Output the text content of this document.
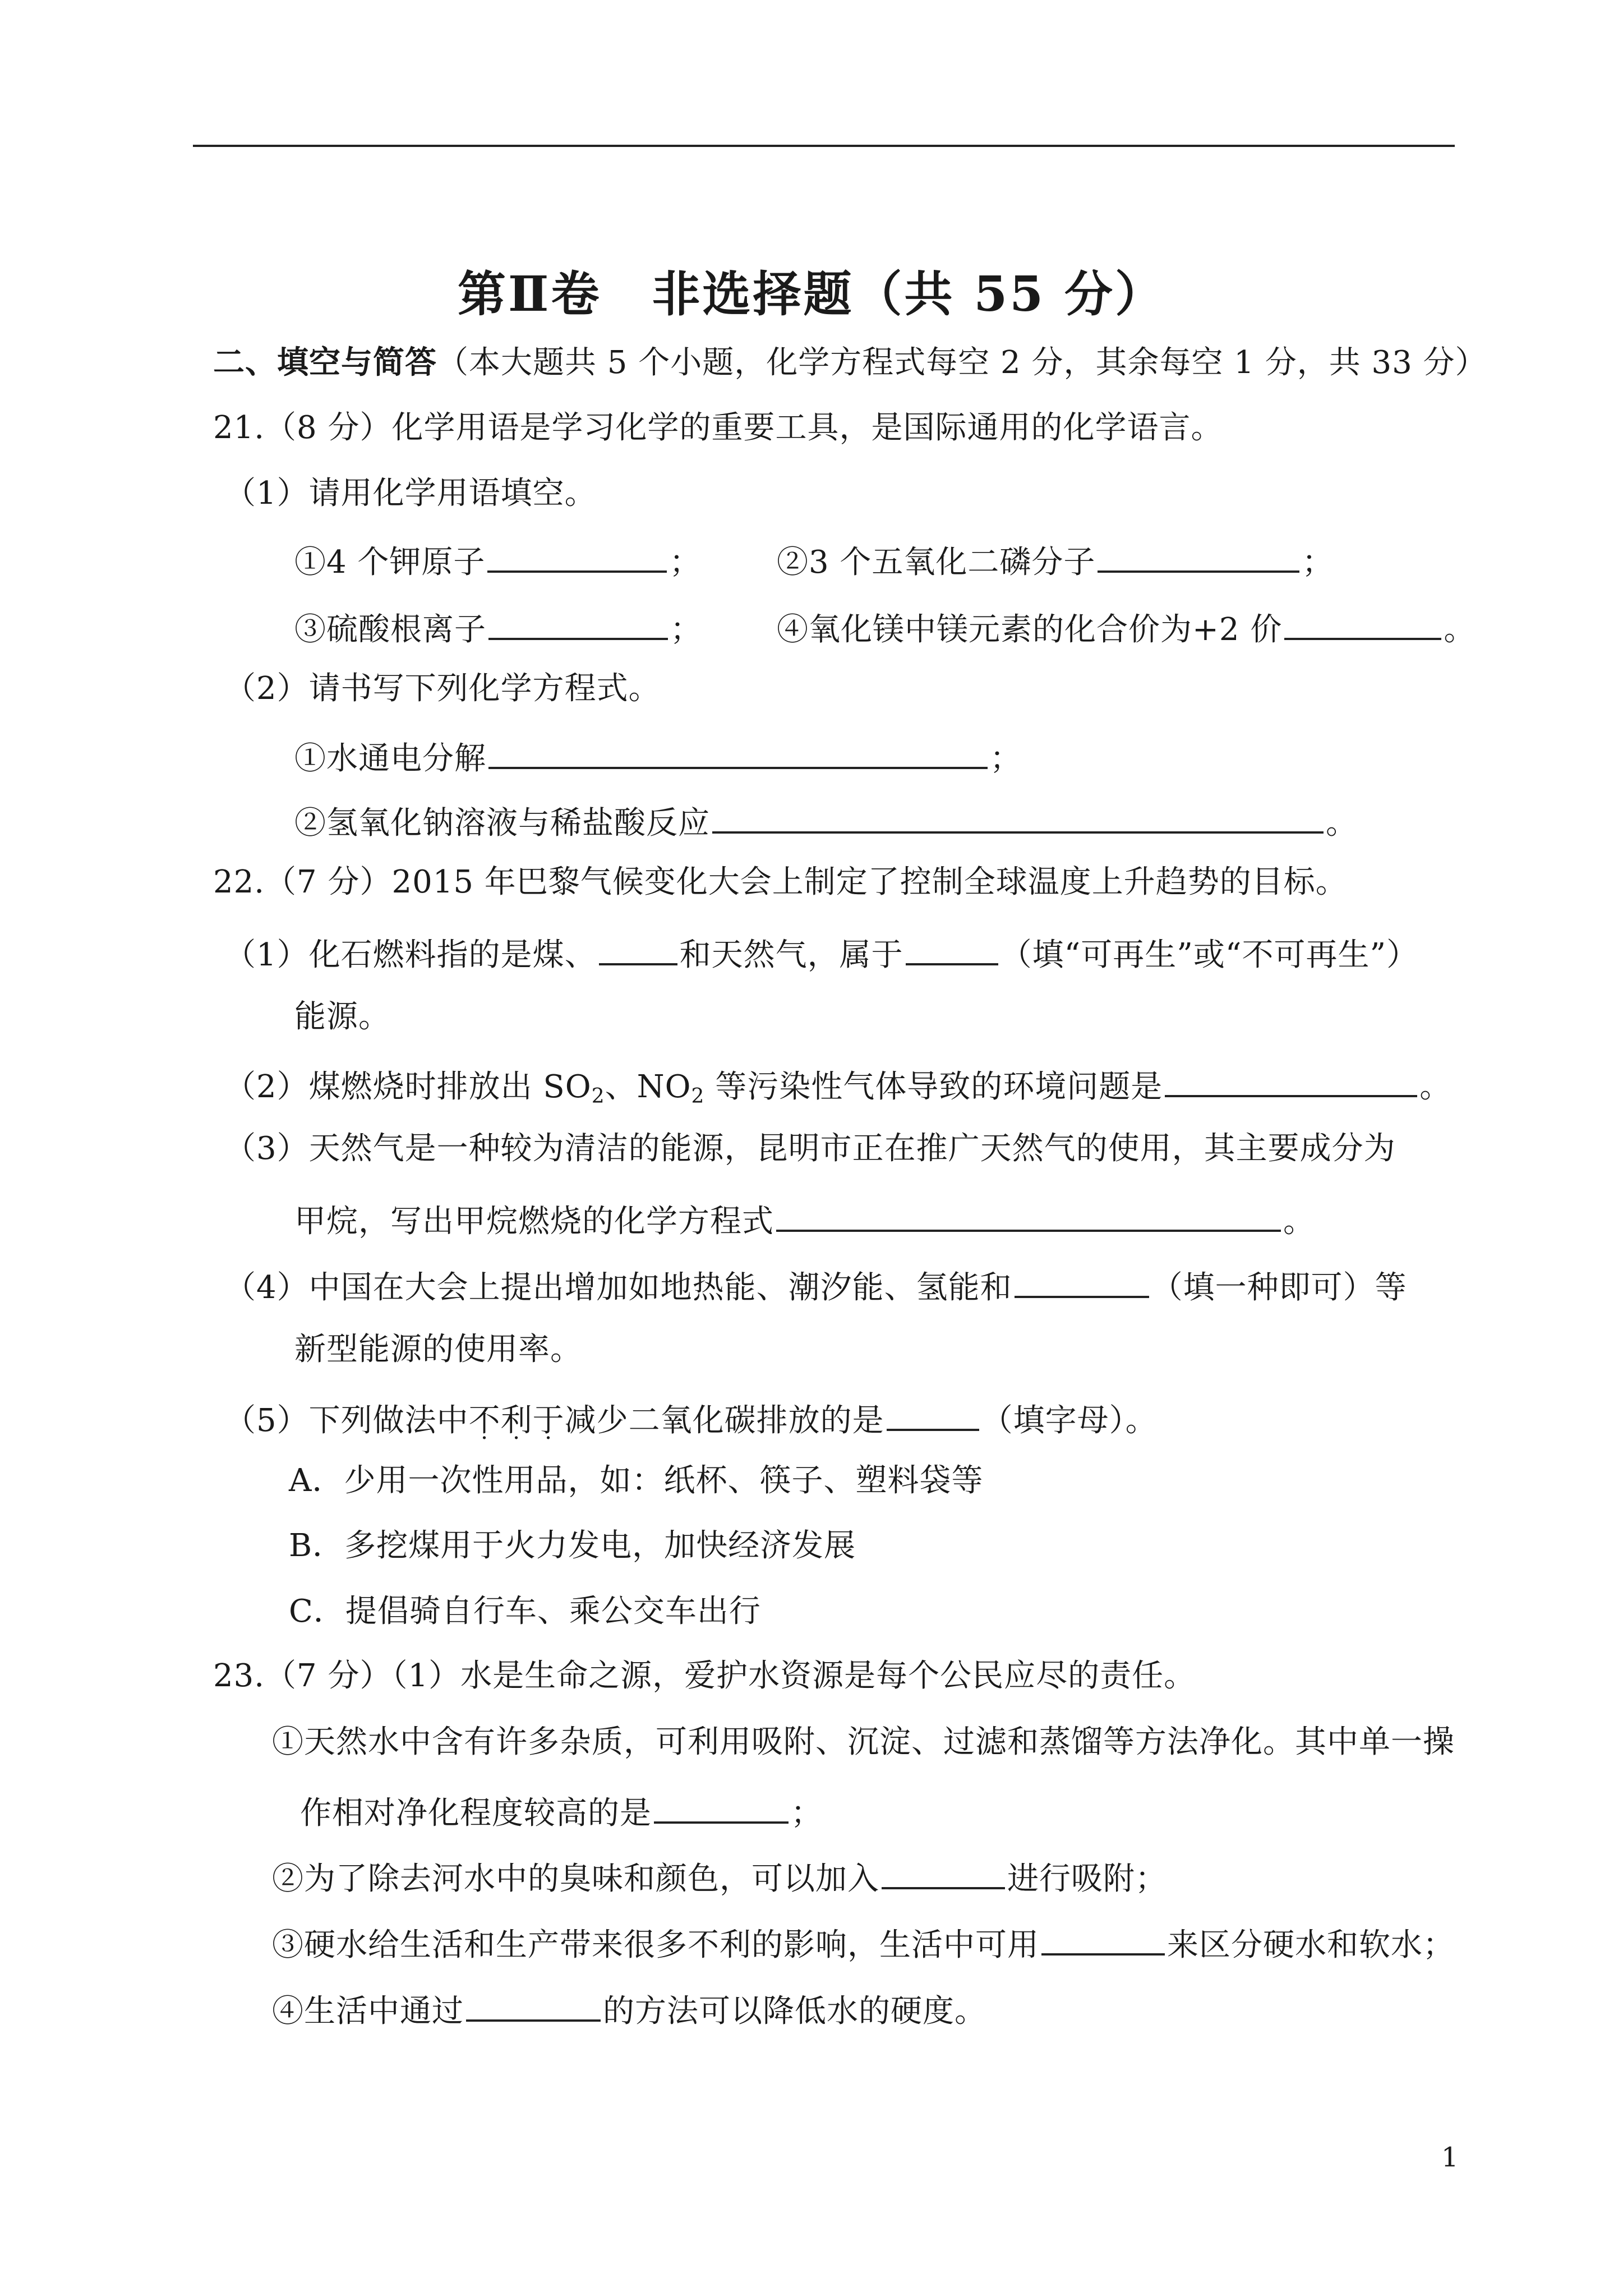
第Ⅱ卷　非选择题（共 55 分）
二、填空与简答（本大题共 5 个小题，化学方程式每空 2 分，其余每空 1 分，共 33 分）
21.（8 分）化学用语是学习化学的重要工具，是国际通用的化学语言。
（1）请用化学用语填空。
①4 个钾原子	； ②3 个五氧化二磷分子	；
③硫酸根离子	； ④氧化镁中镁元素的化合价为+2 价	。
（2）请书写下列化学方程式。
①水通电分解	；
②氢氧化钠溶液与稀盐酸反应	。
22.（7 分）2015 年巴黎气候变化大会上制定了控制全球温度上升趋势的目标。
（1）化石燃料指的是煤、	和天然气，属于	（填“可再生”或“不可再生”）
能源。
（2）煤燃烧时排放出 $SO_2$、$NO_2$ 等污染性气体导致的环境问题是	。
（3）天然气是一种较为清洁的能源，昆明市正在推广天然气的使用，其主要成分为
甲烷，写出甲烷燃烧的化学方程式	。
（4）中国在大会上提出增加如地热能、潮汐能、氢能和	（填一种即可）等
新型能源的使用率。
（5）下列做法中不利于减少二氧化碳排放的是	（填字母）。
A．少用一次性用品，如：纸杯、筷子、塑料袋等
B．多挖煤用于火力发电，加快经济发展
C．提倡骑自行车、乘公交车出行
23.（7 分）（1）水是生命之源，爱护水资源是每个公民应尽的责任。
①天然水中含有许多杂质，可利用吸附、沉淀、过滤和蒸馏等方法净化。其中单一操
作相对净化程度较高的是	；
②为了除去河水中的臭味和颜色，可以加入	进行吸附；
③硬水给生活和生产带来很多不利的影响，生活中可用	来区分硬水和软水；
④生活中通过	的方法可以降低水的硬度。
1
